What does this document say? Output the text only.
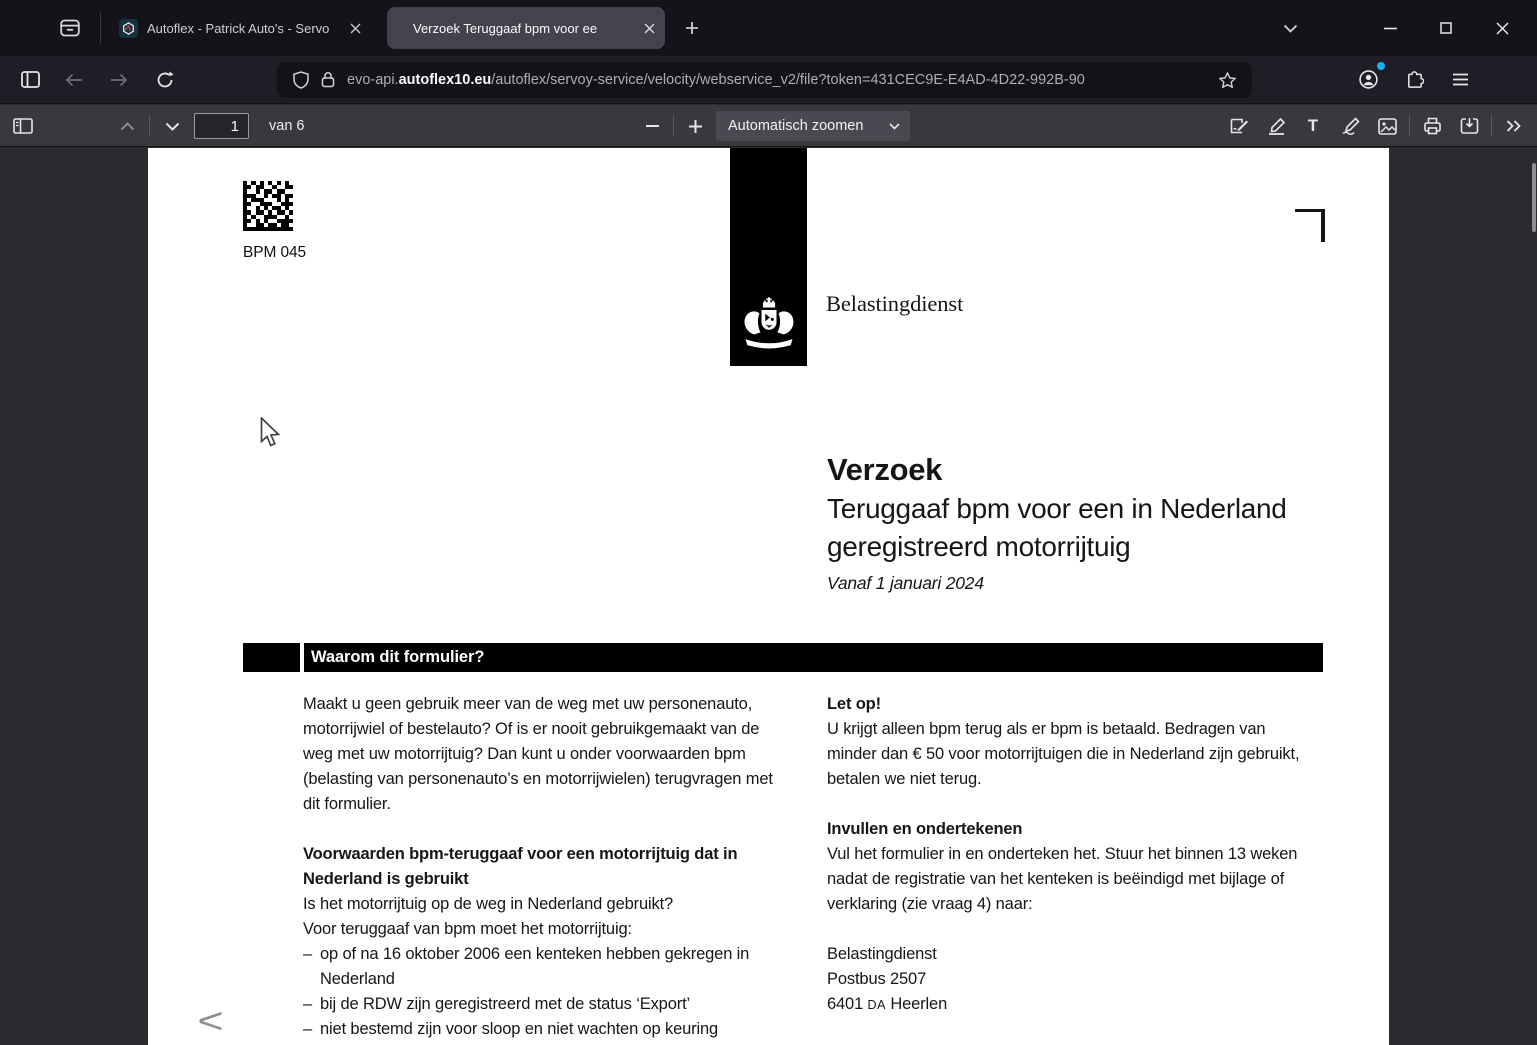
Autoflex - Patrick Auto's - Servo	Verzoek Teruggaaf bpm voor ee
evo-api.autoflex10.eu/autoflex/servoy-service/velocity/webservice_v2/file?token=431CEC9E-E4AD-4D22-992B-90
1
van 6	Automatisch zoomen	T
BPM 045
Belastingdienst
Verzoek
Teruggaaf bpm voor een in Nederland geregistreerd motorrijtuig
Vanaf 1 januari 2024
Waarom dit formulier?

Maakt u geen gebruik meer van de weg met uw personenauto, motorrijwiel of bestelauto? Of is er nooit gebruikgemaakt van de weg met uw motorrijtuig? Dan kunt u onder voorwaarden bpm (belasting van personenauto’s en motorrijwielen) terugvragen met dit formulier.

Voorwaarden bpm-teruggaaf voor een motorrijtuig dat in Nederland is gebruikt

Is het motorrijtuig op de weg in Nederland gebruikt?

Voor teruggaaf van bpm moet het motorrijtuig:

– op of na 16 oktober 2006 een kenteken hebben gekregen in Nederland
– bij de RDW zijn geregistreerd met de status ‘Export’
– niet bestemd zijn voor sloop en niet wachten op keuring
Let op!

U krijgt alleen bpm terug als er bpm is betaald. Bedragen van minder dan € 50 voor motorrijtuigen die in Nederland zijn gebruikt, betalen we niet terug.

Invullen en ondertekenen

Vul het formulier in en onderteken het. Stuur het binnen 13 weken nadat de registratie van het kenteken is beëindigd met bijlage of verklaring (zie vraag 4) naar:

Belastingdienst
Postbus 2507
6401 DA Heerlen
<
